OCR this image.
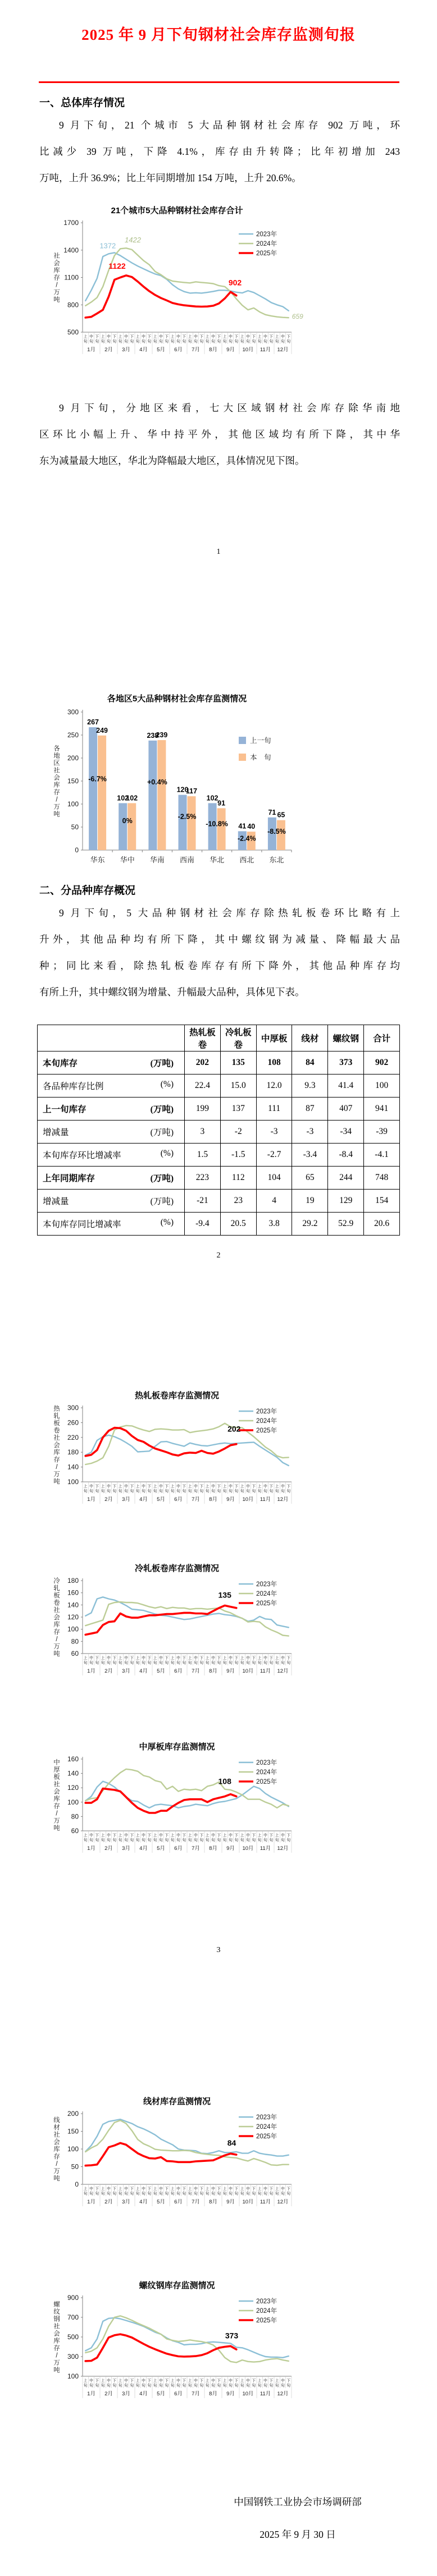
2025 年 9 月下旬钢材社会库存监测旬报
一、总体库存情况
9 月下旬，21 个城市 5 大品种钢材社会库存 902 万吨，环
比减少 39 万吨，下降 4.1%，库存由升转降；比年初增加 243
万吨，上升 36.9%；比上年同期增加 154 万吨，上升 20.6%。
21个城市5大品种钢材社会库存合计
500
800
1100
1400
1700
社
会
库
存
/
万
吨
上
旬
中
旬
下
旬
上
旬
中
旬
下
旬
上
旬
中
旬
下
旬
上
旬
中
旬
下
旬
上
旬
中
旬
下
旬
上
旬
中
旬
下
旬
上
旬
中
旬
下
旬
上
旬
中
旬
下
旬
上
旬
中
旬
下
旬
上
旬
中
旬
下
旬
上
旬
中
旬
下
旬
上
旬
中
旬
下
旬
1月 2月 3月 4月 5月 6月 7月 8月 9月 10月 11月 12月
2023年
2024年
2025年
1372
1422
1122
902
659
9 月下旬，分地区来看，七大区域钢材社会库存除华南地
区环比小幅上升、华中持平外，其他区域均有所下降，其中华
东为减量最大地区，华北为降幅最大地区，具体情况见下图。
1
各地区5大品种钢材社会库存监测情况
0
50
100
150
200
250
300
各
地
区
社
会
库
存
/
万
吨
267
249
-6.7%
华东
102
102
0%
华中
238
239
+0.4%
华南
120
117
-2.5%
西南
102
91
-10.8%
华北
41 40
-2.4%
西北
71 65
-8.5%
东北
上一旬
本　旬
二、分品种库存概况
9 月下旬，5 大品种钢材社会库存除热轧板卷环比略有上
升外，其他品种均有所下降，其中螺纹钢为减量、降幅最大品
种；同比来看，除热轧板卷库存有所下降外，其他品种库存均
有所上升，其中螺纹钢为增量、升幅最大品种，具体见下表。
	热轧板卷	冷轧板卷	中厚板	线材	螺纹钢	合计

本旬库存 (万吨)	202	135	108	84	373	902

各品种库存比例 (%)	22.4	15.0	12.0	9.3	41.4	100

上一旬库存 (万吨)	199	137	111	87	407	941

增减量 (万吨)	3	-2	-3	-3	-34	-39

本旬库存环比增减率 (%)	1.5	-1.5	-2.7	-3.4	-8.4	-4.1

上年同期库存 (万吨)	223	112	104	65	244	748

增减量 (万吨)	-21	23	4	19	129	154

本旬库存同比增减率 (%)	-9.4	20.5	3.8	29.2	52.9	20.6
2
热轧板卷库存监测情况
100
140
180
220
260
300
热
轧
板
卷
社
会
库
存
/
万
吨
上
旬
中
旬
下
旬
上
旬
中
旬
下
旬
上
旬
中
旬
下
旬
上
旬
中
旬
下
旬
上
旬
中
旬
下
旬
上
旬
中
旬
下
旬
上
旬
中
旬
下
旬
上
旬
中
旬
下
旬
上
旬
中
旬
下
旬
上
旬
中
旬
下
旬
上
旬
中
旬
下
旬
上
旬
中
旬
下
旬
1月 2月 3月 4月 5月 6月 7月 8月 9月 10月 11月 12月
2023年
2024年
2025年
202
冷轧板卷库存监测情况
60
80
100
120
140
160
180
冷
轧
板
卷
社
会
库
存
/
万
吨
上
旬
中
旬
下
旬
上
旬
中
旬
下
旬
上
旬
中
旬
下
旬
上
旬
中
旬
下
旬
上
旬
中
旬
下
旬
上
旬
中
旬
下
旬
上
旬
中
旬
下
旬
上
旬
中
旬
下
旬
上
旬
中
旬
下
旬
上
旬
中
旬
下
旬
上
旬
中
旬
下
旬
上
旬
中
旬
下
旬
1月 2月 3月 4月 5月 6月 7月 8月 9月 10月 11月 12月
2023年
2024年
2025年
135
中厚板库存监测情况
60
80
100
120
140
160
中
厚
板
社
会
库
存
/
万
吨
上
旬
中
旬
下
旬
上
旬
中
旬
下
旬
上
旬
中
旬
下
旬
上
旬
中
旬
下
旬
上
旬
中
旬
下
旬
上
旬
中
旬
下
旬
上
旬
中
旬
下
旬
上
旬
中
旬
下
旬
上
旬
中
旬
下
旬
上
旬
中
旬
下
旬
上
旬
中
旬
下
旬
上
旬
中
旬
下
旬
1月 2月 3月 4月 5月 6月 7月 8月 9月 10月 11月 12月
2023年
2024年
2025年
108
3
线材库存监测情况
0
50
100
150
200
线
材
社
会
库
存
/
万
吨
上
旬
中
旬
下
旬
上
旬
中
旬
下
旬
上
旬
中
旬
下
旬
上
旬
中
旬
下
旬
上
旬
中
旬
下
旬
上
旬
中
旬
下
旬
上
旬
中
旬
下
旬
上
旬
中
旬
下
旬
上
旬
中
旬
下
旬
上
旬
中
旬
下
旬
上
旬
中
旬
下
旬
上
旬
中
旬
下
旬
1月 2月 3月 4月 5月 6月 7月 8月 9月 10月 11月 12月
2023年
2024年
2025年
84
螺纹钢库存监测情况
100
300
500
700
900
螺
纹
钢
社
会
库
存
/
万
吨
上
旬
中
旬
下
旬
上
旬
中
旬
下
旬
上
旬
中
旬
下
旬
上
旬
中
旬
下
旬
上
旬
中
旬
下
旬
上
旬
中
旬
下
旬
上
旬
中
旬
下
旬
上
旬
中
旬
下
旬
上
旬
中
旬
下
旬
上
旬
中
旬
下
旬
上
旬
中
旬
下
旬
上
旬
中
旬
下
旬
1月 2月 3月 4月 5月 6月 7月 8月 9月 10月 11月 12月
2023年
2024年
2025年
373
中国钢铁工业协会市场调研部
2025 年 9 月 30 日
